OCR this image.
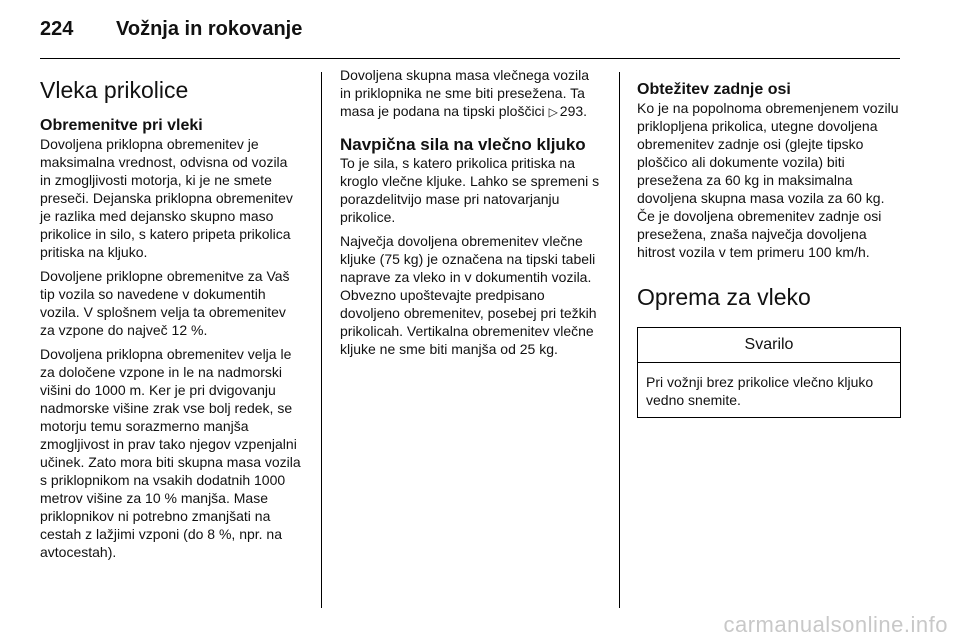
224	Vožnja in rokovanje
Vleka prikolice
Obremenitve pri vleki

Dovoljena priklopna obremenitev je maksimalna vrednost, odvisna od vozila in zmogljivosti motorja, ki je ne smete preseči. Dejanska priklopna obremenitev je razlika med dejansko skupno maso prikolice in silo, s katero pripeta prikolica pritiska na kljuko.

Dovoljene priklopne obremenitve za Vaš tip vozila so navedene v dokumentih vozila. V splošnem velja ta obremenitev za vzpone do največ 12 %.

Dovoljena priklopna obremenitev velja le za določene vzpone in le na nadmorski višini do 1000 m. Ker je pri dvigovanju nadmorske višine zrak vse bolj redek, se motorju temu sorazmerno manjša zmogljivost in prav tako njegov vzpenjalni učinek. Zato mora biti skupna masa vozila s priklopnikom na vsakih dodatnih 1000 metrov višine za 10 % manjša. Mase priklopnikov ni potrebno zmanjšati na cestah z lažjimi vzponi (do 8 %, npr. na avtocestah).

Dovoljena skupna masa vlečnega vozila in priklopnika ne sme biti presežena. Ta masa je podana na tipski ploščici ▷ 293.

Navpična sila na vlečno kljuko

To je sila, s katero prikolica pritiska na kroglo vlečne kljuke. Lahko se spremeni s porazdelitvijo mase pri natovarjanju prikolice.

Največja dovoljena obremenitev vlečne kljuke (75 kg) je označena na tipski tabeli naprave za vleko in v dokumentih vozila. Obvezno upoštevajte predpisano dovoljeno obremenitev, posebej pri težkih prikolicah. Vertikalna obremenitev vlečne kljuke ne sme biti manjša od 25 kg.

Obtežitev zadnje osi

Ko je na popolnoma obremenjenem vozilu priklopljena prikolica, utegne dovoljena obremenitev zadnje osi (glejte tipsko ploščico ali dokumente vozila) biti presežena za 60 kg in maksimalna dovoljena skupna masa vozila za 60 kg. Če je dovoljena obremenitev zadnje osi presežena, znaša največja dovoljena hitrost vozila v tem primeru 100 km/h.

Oprema za vleko
Svarilo
Pri vožnji brez prikolice vlečno kljuko vedno snemite.
carmanualsonline.info
